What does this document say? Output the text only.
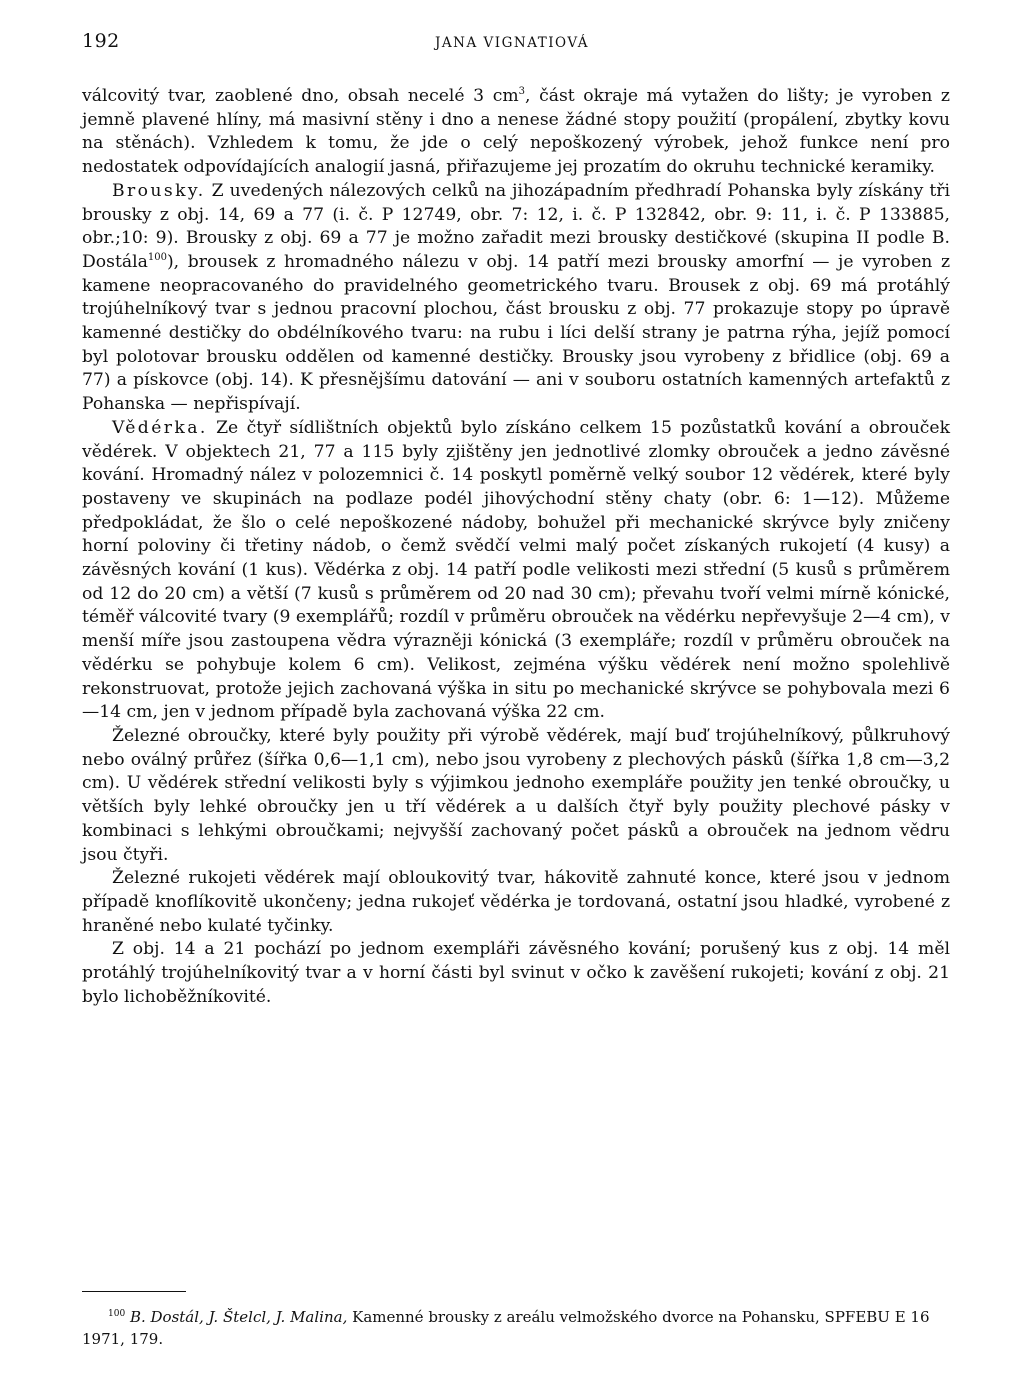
192	JANA VIGNATIOVÁ

válcovitý tvar, zaoblené dno, obsah necelé 3 $cm^3$, část okraje má vytažen do lišty; je vyroben z jemně plavené hlíny, má masivní stěny i dno a nenese žádné stopy použití (propálení, zbytky kovu na stěnách). Vzhledem k tomu, že jde o celý nepoškozený výrobek, jehož funkce není pro nedostatek odpovídajících analogií jasná, přiřazujeme jej prozatím do okruhu technické keramiky.

Brousky. Z uvedených nálezových celků na jihozápadním předhradí Pohanska byly získány tři brousky z obj. 14, 69 a 77 (i. č. P 12749, obr. 7: 12, i. č. P 132842, obr. 9: 11, i. č. P 133885, obr.;10: 9). Brousky z obj. 69 a 77 je možno zařadit mezi brousky destičkové (skupina II podle B. Dostála$^{100}$), brousek z hromadného nálezu v obj. 14 patří mezi brousky amorfní — je vyroben z kamene neopracovaného do pravidelného geometrického tvaru. Brousek z obj. 69 má protáhlý trojúhelníkový tvar s jednou pracovní plochou, část brousku z obj. 77 prokazuje stopy po úpravě kamenné destičky do obdélníkového tvaru: na rubu i líci delší strany je patrna rýha, jejíž pomocí byl polotovar brousku oddělen od kamenné destičky. Brousky jsou vyrobeny z břidlice (obj. 69 a 77) a pískovce (obj. 14). K přesnějšímu datování — ani v souboru ostatních kamenných artefaktů z Pohanska — nepřispívají.

Vědérka. Ze čtyř sídlištních objektů bylo získáno celkem 15 pozůstatků kování a obrouček vědérek. V objektech 21, 77 a 115 byly zjištěny jen jednotlivé zlomky obrouček a jedno závěsné kování. Hromadný nález v polozemnici č. 14 poskytl poměrně velký soubor 12 vědérek, které byly postaveny ve skupinách na podlaze podél jihovýchodní stěny chaty (obr. 6: 1—12). Můžeme předpokládat, že šlo o celé nepoškozené nádoby, bohužel při mechanické skrývce byly zničeny horní poloviny či třetiny nádob, o čemž svědčí velmi malý počet získaných rukojetí (4 kusy) a závěsných kování (1 kus). Vědérka z obj. 14 patří podle velikosti mezi střední (5 kusů s průměrem od 12 do 20 cm) a větší (7 kusů s průměrem od 20 nad 30 cm); převahu tvoří velmi mírně kónické, téměř válcovité tvary (9 exemplářů; rozdíl v průměru obrouček na vědérku nepřevyšuje 2—4 cm), v menší míře jsou zastoupena vědra výrazněji kónická (3 exempláře; rozdíl v průměru obrouček na vědérku se pohybuje kolem 6 cm). Velikost, zejména výšku vědérek není možno spolehlivě rekonstruovat, protože jejich zachovaná výška in situ po mechanické skrývce se pohybovala mezi 6—14 cm, jen v jednom případě byla zachovaná výška 22 cm.

Železné obroučky, které byly použity při výrobě vědérek, mají buď trojúhelníkový, půlkruhový nebo oválný průřez (šířka 0,6—1,1 cm), nebo jsou vyrobeny z plechových pásků (šířka 1,8 cm—3,2 cm). U vědérek střední velikosti byly s výjimkou jednoho exempláře použity jen tenké obroučky, u větších byly lehké obroučky jen u tří vědérek a u dalších čtyř byly použity plechové pásky v kombinaci s lehkými obroučkami; nejvyšší zachovaný počet pásků a obrouček na jednom vědru jsou čtyři.

Železné rukojeti vědérek mají obloukovitý tvar, hákovitě zahnuté konce, které jsou v jednom případě knoflíkovitě ukončeny; jedna rukojeť vědérka je tordovaná, ostatní jsou hladké, vyrobené z hraněné nebo kulaté tyčinky.

Z obj. 14 a 21 pochází po jednom exempláři závěsného kování; porušený kus z obj. 14 měl protáhlý trojúhelníkovitý tvar a v horní části byl svinut v očko k zavěšení rukojeti; kování z obj. 21 bylo lichoběžníkovité.

$^{100}$ B. Dostál, J. Štelcl, J. Malina, Kamenné brousky z areálu velmožského dvorce na Pohansku, SPFEBU E 16 1971, 179.
